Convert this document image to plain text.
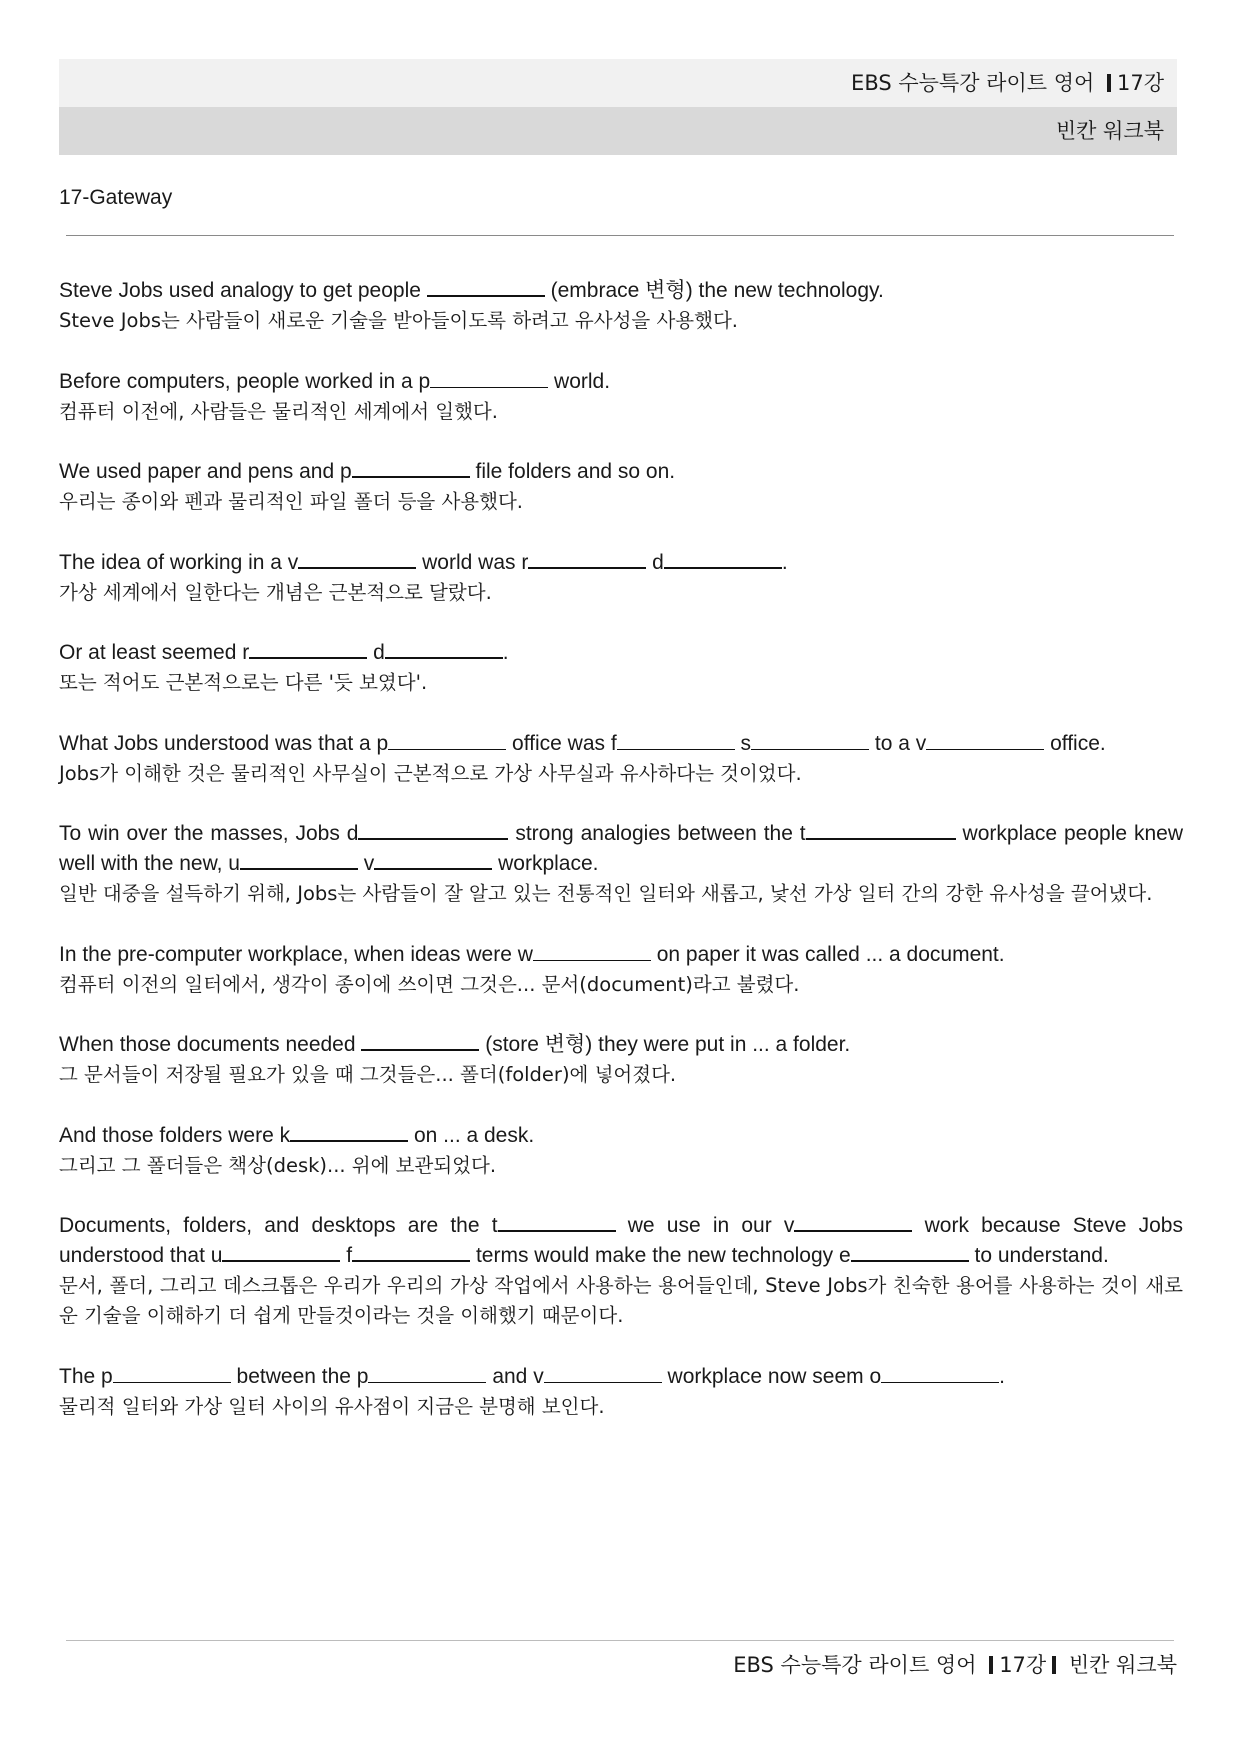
EBS 수능특강 라이트 영어 17강
빈칸 워크북
17-Gateway

Steve Jobs used analogy to get people	(embrace 변형) the new technology.

Steve Jobs는 사람들이 새로운 기술을 받아들이도록 하려고 유사성을 사용했다.

Before computers, people worked in a p	world.

컴퓨터 이전에, 사람들은 물리적인 세계에서 일했다.

We used paper and pens and p	file folders and so on.

우리는 종이와 펜과 물리적인 파일 폴더 등을 사용했다.

The idea of working in a v	world was r	d	.

가상 세계에서 일한다는 개념은 근본적으로 달랐다.

Or at least seemed r	d	.

또는 적어도 근본적으로는 다른 '듯 보였다'.

What Jobs understood was that a p	office was f	s	to a v	office.

Jobs가 이해한 것은 물리적인 사무실이 근본적으로 가상 사무실과 유사하다는 것이었다.

To win over the masses, Jobs d	strong analogies between the t	workplace people knew well with the new, u	v	workplace.

일반 대중을 설득하기 위해, Jobs는 사람들이 잘 알고 있는 전통적인 일터와 새롭고, 낯선 가상 일터 간의 강한 유사성을 끌어냈다.

In the pre-computer workplace, when ideas were w	on paper it was called ... a document.

컴퓨터 이전의 일터에서, 생각이 종이에 쓰이면 그것은... 문서(document)라고 불렸다.

When those documents needed	(store 변형) they were put in ... a folder.

그 문서들이 저장될 필요가 있을 때 그것들은... 폴더(folder)에 넣어졌다.

And those folders were k	on ... a desk.

그리고 그 폴더들은 책상(desk)... 위에 보관되었다.

Documents, folders, and desktops are the t	we use in our v	work because Steve Jobs understood that u	f	terms would make the new technology e	to understand.

문서, 폴더, 그리고 데스크톱은 우리가 우리의 가상 작업에서 사용하는 용어들인데, Steve Jobs가 친숙한 용어를 사용하는 것이 새로운 기술을 이해하기 더 쉽게 만들것이라는 것을 이해했기 때문이다.

The p	between the p	and v	workplace now seem o	.

물리적 일터와 가상 일터 사이의 유사점이 지금은 분명해 보인다.

EBS 수능특강 라이트 영어 17강 빈칸 워크북
